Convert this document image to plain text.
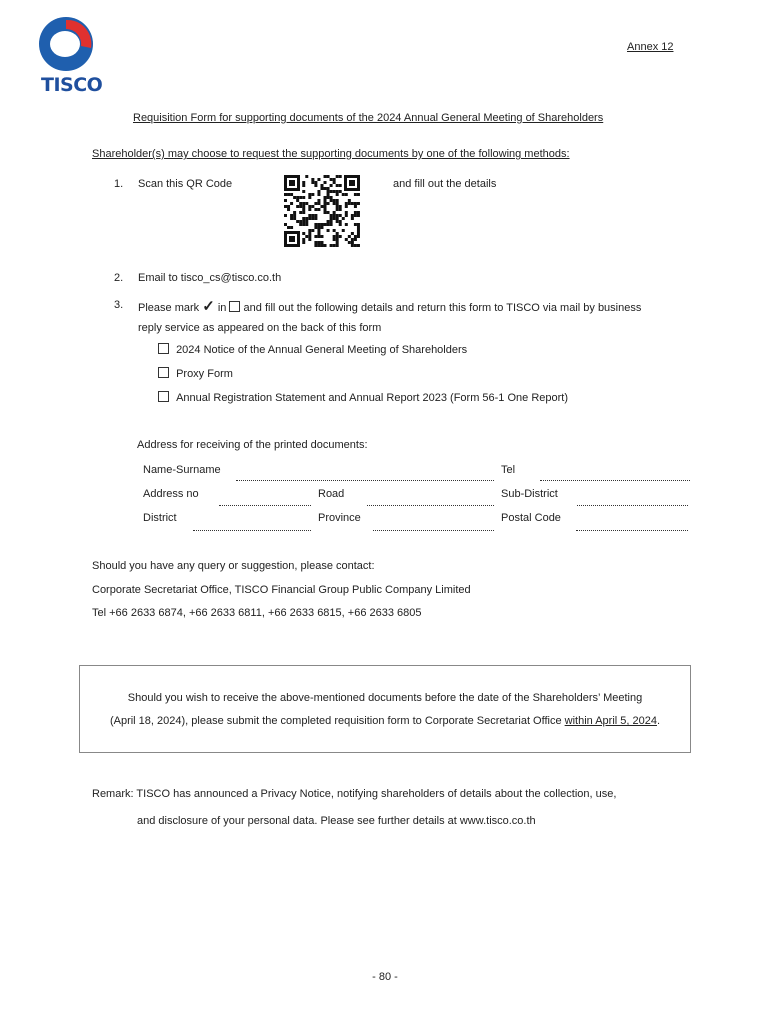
TISCO
Annex 12
Requisition Form for supporting documents of the 2024 Annual General Meeting of Shareholders
Shareholder(s) may choose to request the supporting documents by one of the following methods:
1. Scan this QR Code	and fill out the details
2. Email to tisco_cs@tisco.co.th
3. Please mark ✓ in and fill out the following details and return this form to TISCO via mail by business
reply service as appeared on the back of this form
2024 Notice of the Annual General Meeting of Shareholders
Proxy Form
Annual Registration Statement and Annual Report 2023 (Form 56-1 One Report)
Address for receiving of the printed documents:
Name-Surname	Tel
Address no	Road	Sub-District
District	Province	Postal Code
Should you have any query or suggestion, please contact:
Corporate Secretariat Office, TISCO Financial Group Public Company Limited
Tel +66 2633 6874, +66 2633 6811, +66 2633 6815, +66 2633 6805
Should you wish to receive the above-mentioned documents before the date of the Shareholders’ Meeting
(April 18, 2024), please submit the completed requisition form to Corporate Secretariat Office within April 5, 2024.
Remark: TISCO has announced a Privacy Notice, notifying shareholders of details about the collection, use,
and disclosure of your personal data. Please see further details at www.tisco.co.th
- 80 -
